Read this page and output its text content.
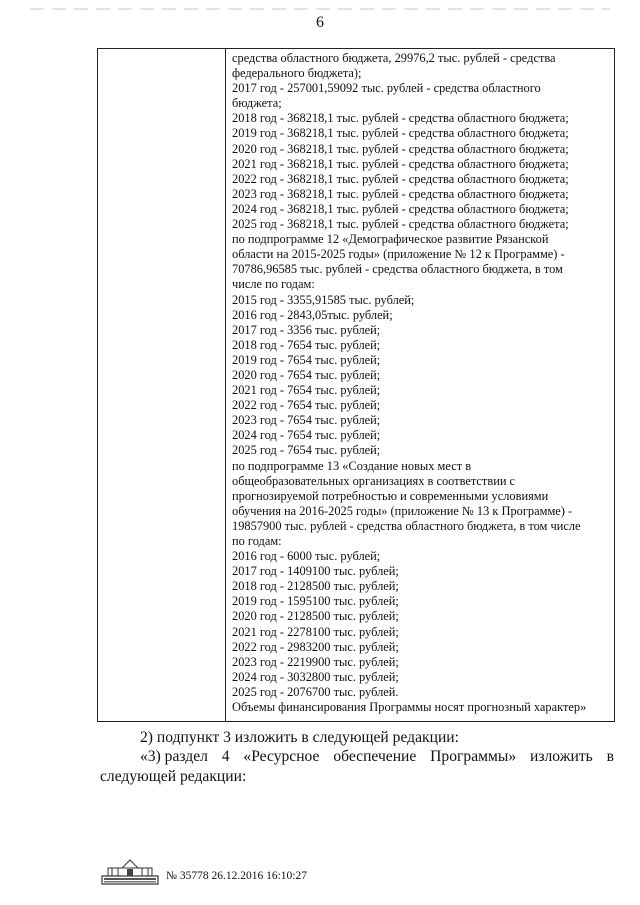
6
средства областного бюджета, 29976,2 тыс. рублей - средства
федерального бюджета);
2017 год - 257001,59092 тыс. рублей - средства областного
бюджета;
2018 год - 368218,1 тыс. рублей - средства областного бюджета;
2019 год - 368218,1 тыс. рублей - средства областного бюджета;
2020 год - 368218,1 тыс. рублей - средства областного бюджета;
2021 год - 368218,1 тыс. рублей - средства областного бюджета;
2022 год - 368218,1 тыс. рублей - средства областного бюджета;
2023 год - 368218,1 тыс. рублей - средства областного бюджета;
2024 год - 368218,1 тыс. рублей - средства областного бюджета;
2025 год - 368218,1 тыс. рублей - средства областного бюджета;
по подпрограмме 12 «Демографическое развитие Рязанской
области на 2015-2025 годы» (приложение № 12 к Программе) -
70786,96585 тыс. рублей - средства областного бюджета, в том
числе по годам:
2015 год - 3355,91585 тыс. рублей;
2016 год - 2843,05тыс. рублей;
2017 год - 3356 тыс. рублей;
2018 год - 7654 тыс. рублей;
2019 год - 7654 тыс. рублей;
2020 год - 7654 тыс. рублей;
2021 год - 7654 тыс. рублей;
2022 год - 7654 тыс. рублей;
2023 год - 7654 тыс. рублей;
2024 год - 7654 тыс. рублей;
2025 год - 7654 тыс. рублей;
по подпрограмме 13 «Создание новых мест в
общеобразовательных организациях в соответствии с
прогнозируемой потребностью и современными условиями
обучения на 2016-2025 годы» (приложение № 13 к Программе) -
19857900 тыс. рублей - средства областного бюджета, в том числе
по годам:
2016 год - 6000 тыс. рублей;
2017 год - 1409100 тыс. рублей;
2018 год - 2128500 тыс. рублей;
2019 год - 1595100 тыс. рублей;
2020 год - 2128500 тыс. рублей;
2021 год - 2278100 тыс. рублей;
2022 год - 2983200 тыс. рублей;
2023 год - 2219900 тыс. рублей;
2024 год - 3032800 тыс. рублей;
2025 год - 2076700 тыс. рублей.
Объемы финансирования Программы носят прогнозный характер»
2) подпункт 3 изложить в следующей редакции:
«3) раздел 4 «Ресурсное обеспечение Программы» изложить в
следующей редакции:
№ 35778 26.12.2016 16:10:27
